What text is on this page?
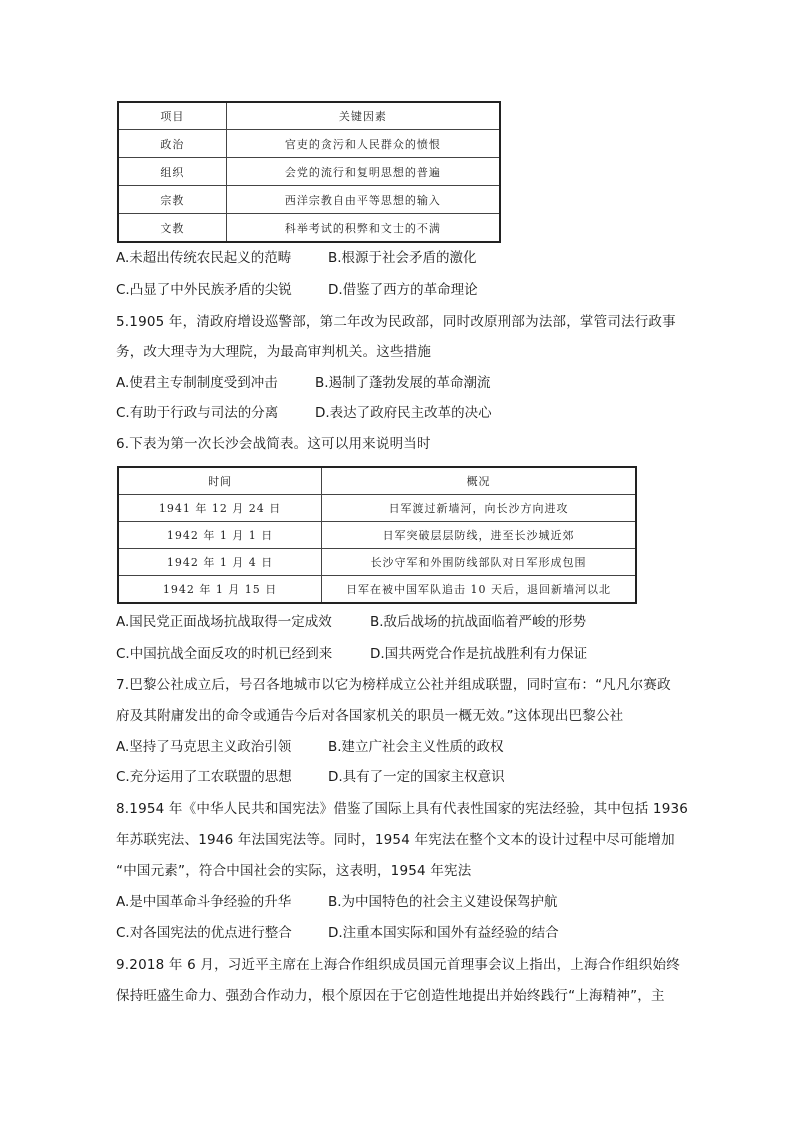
项目	关键因素
政治	官吏的贪污和人民群众的愤恨
组织	会党的流行和复明思想的普遍
宗教	西洋宗教自由平等思想的输入
文教	科举考试的积弊和文士的不满
A.未超出传统农民起义的范畴	B.根源于社会矛盾的激化
C.凸显了中外民族矛盾的尖锐	D.借鉴了西方的革命理论
5.1905 年，清政府增设巡警部，第二年改为民政部，同时改原刑部为法部，掌管司法行政事
务，改大理寺为大理院，为最高审判机关。这些措施
A.使君主专制制度受到冲击	B.遏制了蓬勃发展的革命潮流
C.有助于行政与司法的分离	D.表达了政府民主改革的决心
6.下表为第一次长沙会战简表。这可以用来说明当时
时间	概况
1941 年 12 月 24 日	日军渡过新墙河，向长沙方向进攻
1942 年 1 月 1 日	日军突破层层防线，进至长沙城近郊
1942 年 1 月 4 日	长沙守军和外围防线部队对日军形成包围
1942 年 1 月 15 日	日军在被中国军队追击 10 天后，退回新墙河以北
A.国民党正面战场抗战取得一定成效	B.敌后战场的抗战面临着严峻的形势
C.中国抗战全面反攻的时机已经到来	D.国共两党合作是抗战胜利有力保证
7.巴黎公社成立后，号召各地城市以它为榜样成立公社并组成联盟，同时宣布：“凡凡尔赛政
府及其附庸发出的命令或通告今后对各国家机关的职员一概无效。”这体现出巴黎公社
A.坚持了马克思主义政治引领	B.建立广社会主义性质的政权
C.充分运用了工农联盟的思想	D.具有了一定的国家主权意识
8.1954 年《中华人民共和国宪法》借鉴了国际上具有代表性国家的宪法经验，其中包括 1936
年苏联宪法、1946 年法国宪法等。同时，1954 年宪法在整个文本的设计过程中尽可能增加
“中国元素”，符合中国社会的实际，这表明，1954 年宪法
A.是中国革命斗争经验的升华	B.为中国特色的社会主义建设保驾护航
C.对各国宪法的优点进行整合	D.注重本国实际和国外有益经验的结合
9.2018 年 6 月，习近平主席在上海合作组织成员国元首理事会议上指出，上海合作组织始终
保持旺盛生命力、强劲合作动力，根个原因在于它创造性地提出并始终践行“上海精神”，主
